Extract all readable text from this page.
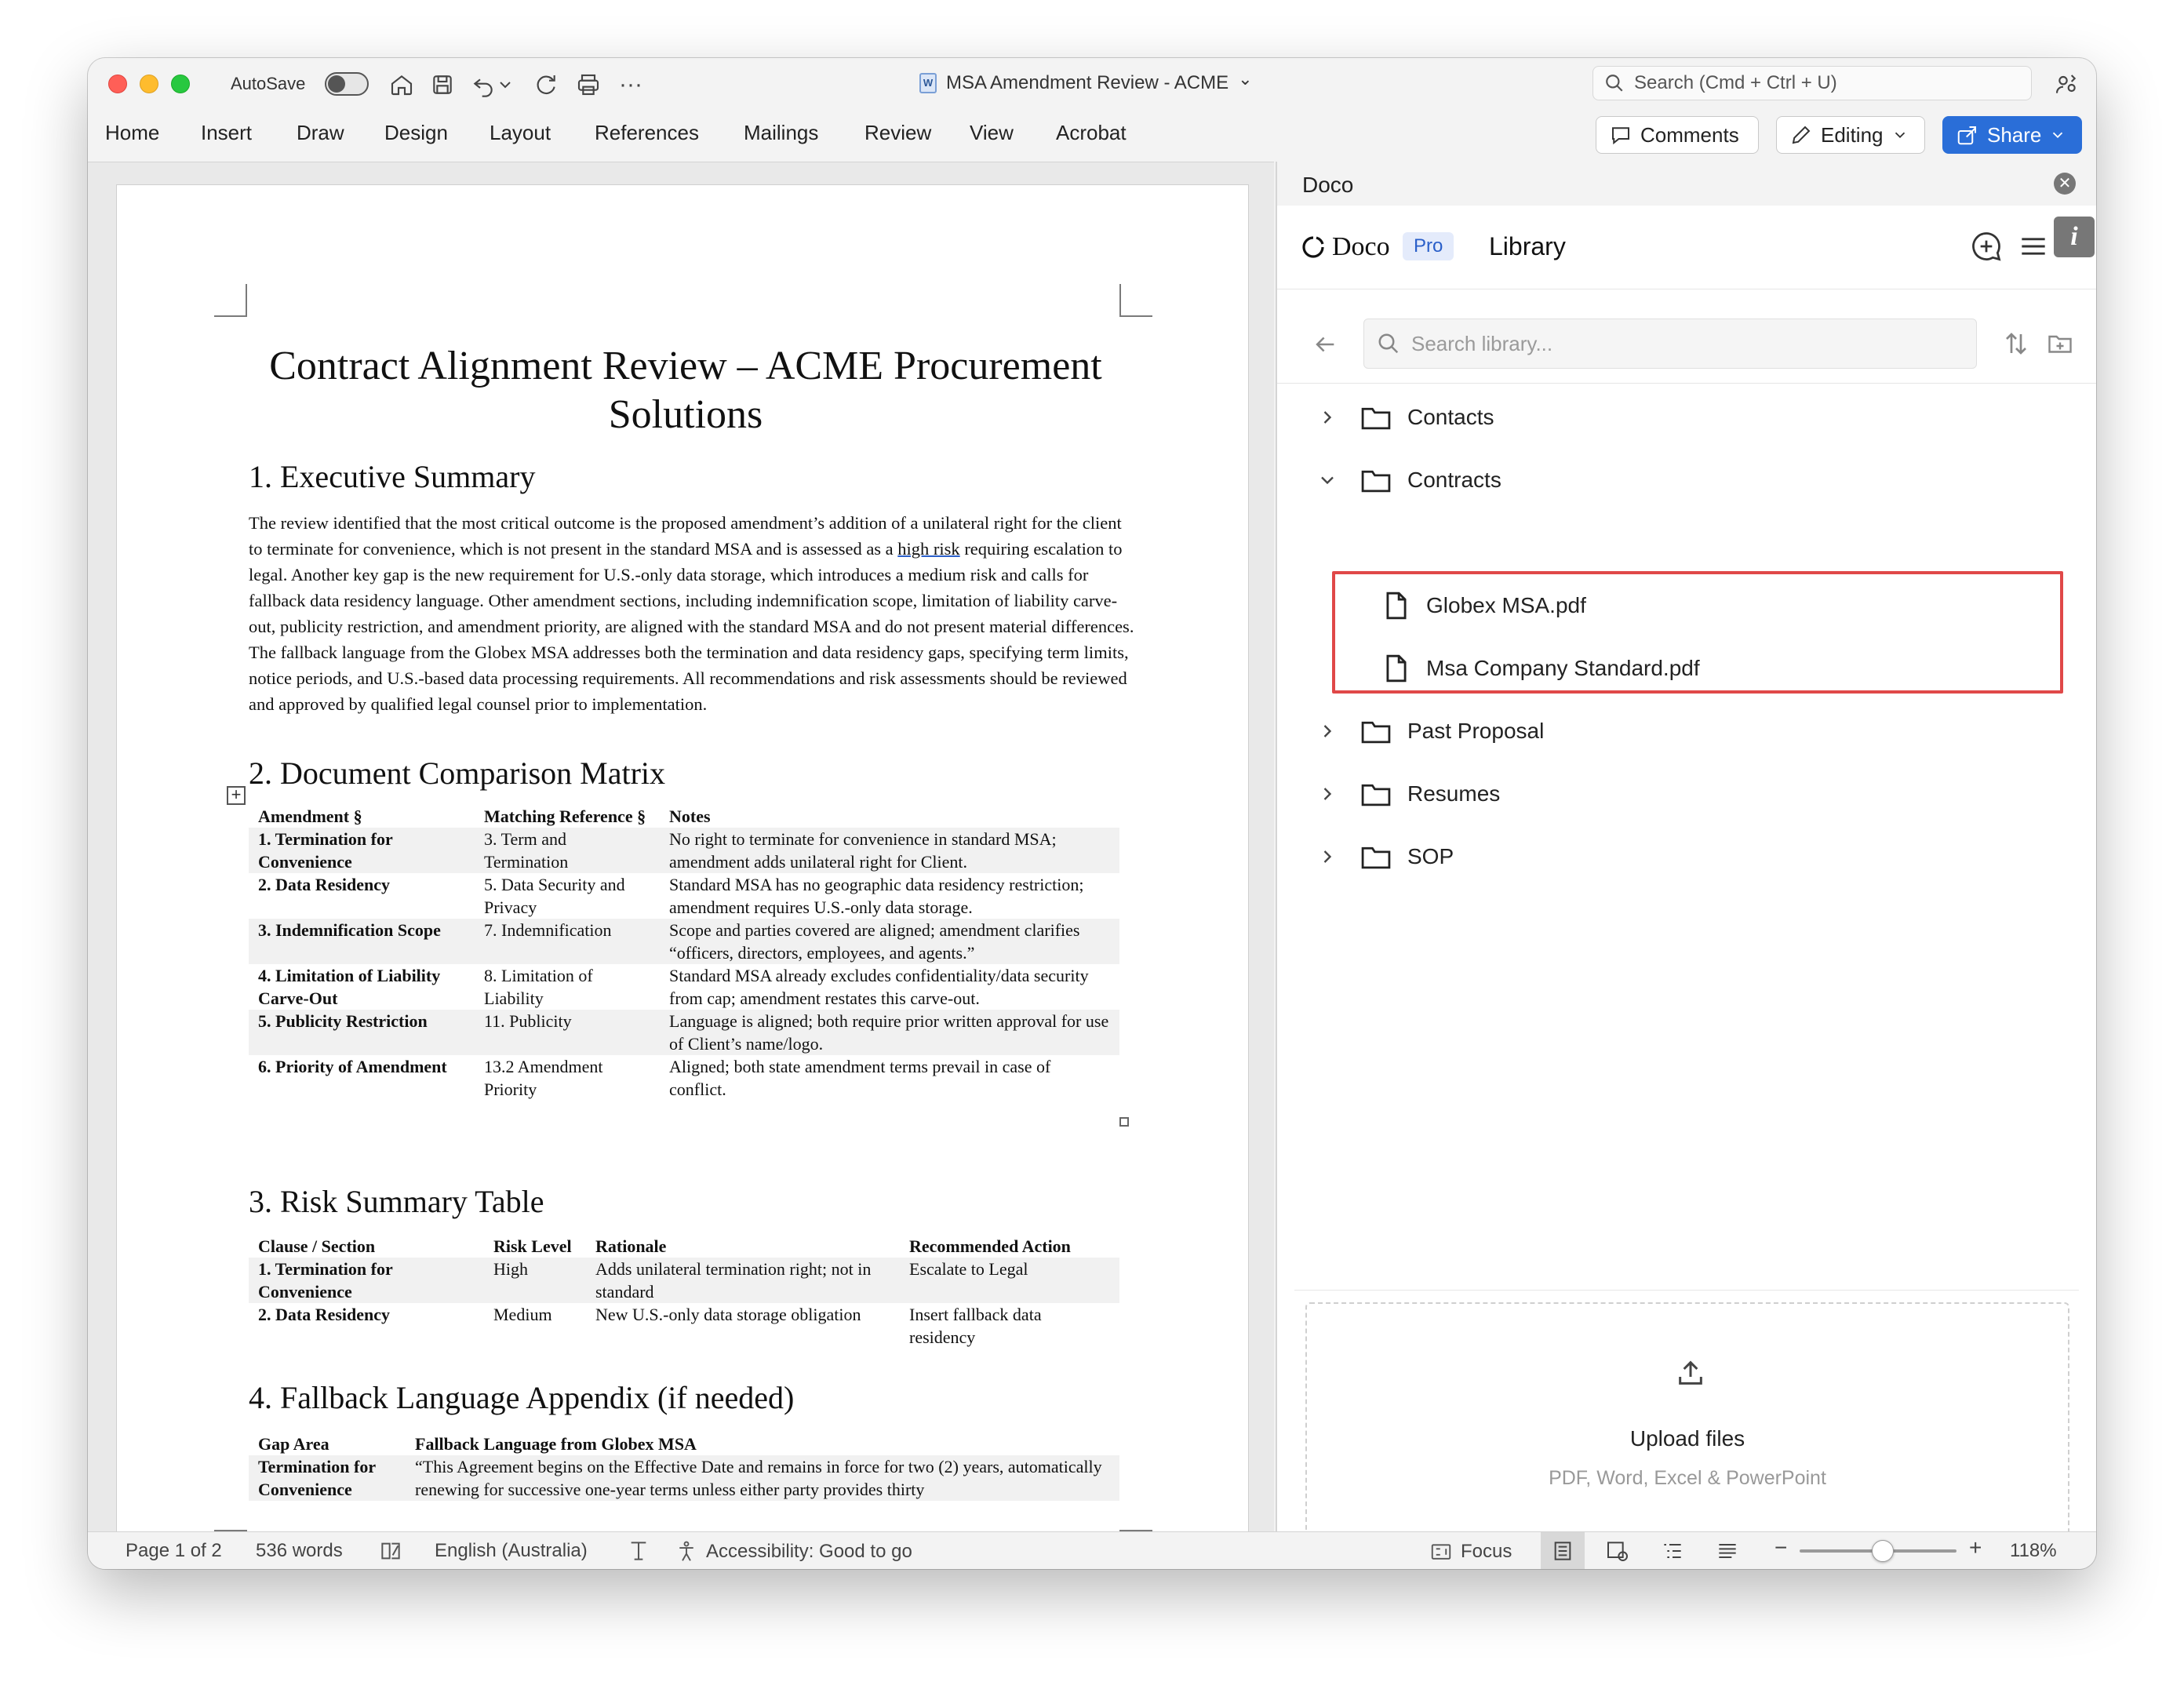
AutoSave	···	W MSA Amendment Review - ACME ⌄	Search (Cmd + Ctrl + U)
Home Insert Draw Design Layout References Mailings Review View Acrobat	Comments	Editing	Share
Contract Alignment Review – ACME Procurement Solutions
1. Executive Summary
The review identified that the most critical outcome is the proposed amendment’s addition of a unilateral right for the client to terminate for convenience, which is not present in the standard MSA and is assessed as a high risk requiring escalation to legal. Another key gap is the new requirement for U.S.-only data storage, which introduces a medium risk and calls for fallback data residency language. Other amendment sections, including indemnification scope, limitation of liability carve-out, publicity restriction, and amendment priority, are aligned with the standard MSA and do not present material differences. The fallback language from the Globex MSA addresses both the termination and data residency gaps, specifying term limits, notice periods, and U.S.-based data processing requirements. All recommendations and risk assessments should be reviewed and approved by qualified legal counsel prior to implementation.
2. Document Comparison Matrix
+
Amendment §	Matching Reference §	Notes
1. Termination for Convenience	3. Term and Termination	No right to terminate for convenience in standard MSA; amendment adds unilateral right for Client.
2. Data Residency	5. Data Security and Privacy	Standard MSA has no geographic data residency restriction; amendment requires U.S.-only data storage.
3. Indemnification Scope	7. Indemnification	Scope and parties covered are aligned; amendment clarifies “officers, directors, employees, and agents.”
4. Limitation of Liability Carve-Out	8. Limitation of Liability	Standard MSA already excludes confidentiality/data security from cap; amendment restates this carve-out.
5. Publicity Restriction	11. Publicity	Language is aligned; both require prior written approval for use of Client’s name/logo.
6. Priority of Amendment	13.2 Amendment Priority	Aligned; both state amendment terms prevail in case of conflict.
3. Risk Summary Table
Clause / Section	Risk Level	Rationale	Recommended Action
1. Termination for Convenience	High	Adds unilateral termination right; not in standard	Escalate to Legal
2. Data Residency	Medium	New U.S.-only data storage obligation	Insert fallback data residency
4. Fallback Language Appendix (if needed)
Gap Area	Fallback Language from Globex MSA
Termination for Convenience	“This Agreement begins on the Effective Date and remains in force for two (2) years, automatically renewing for successive one-year terms unless either party provides thirty
Doco	✕
Doco	Pro	Library	i
Search library...
Contacts
Contracts
Globex MSA.pdf
Msa Company Standard.pdf
Past Proposal
Resumes
SOP
Upload files
PDF, Word, Excel & PowerPoint
Page 1 of 2 536 words	English (Australia)	Accessibility: Good to go	Focus	−	+ 118%
